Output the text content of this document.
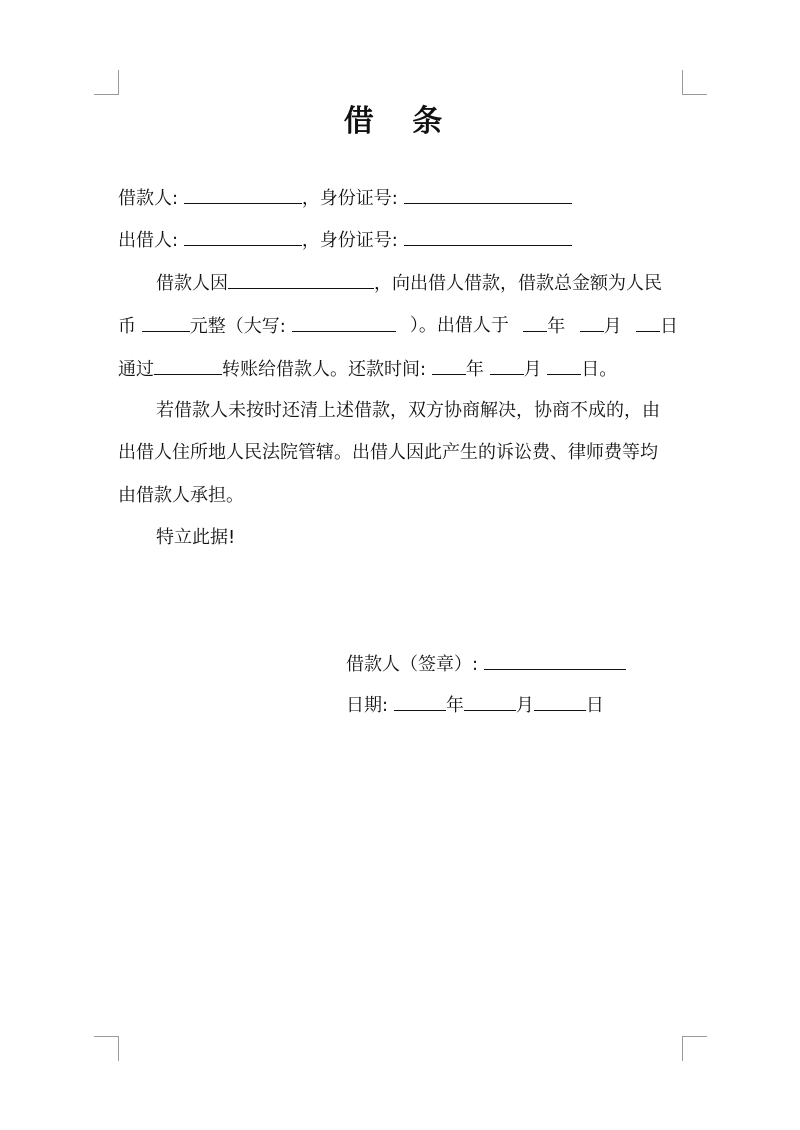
借 条

借款人:	，身份证号:

出借人:	，身份证号:

借款人因	，向出借人借款，借款总金额为人民

币	元整（大写:	）。出借人于	年	月	日

通过	转账给借款人。还款时间: 年 月 日。

若借款人未按时还清上述借款，双方协商解决，协商不成的，由

出借人住所地人民法院管辖。出借人因此产生的诉讼费、律师费等均

由借款人承担。

特立此据!

借款人（签章）:

日期:	年	月	日
